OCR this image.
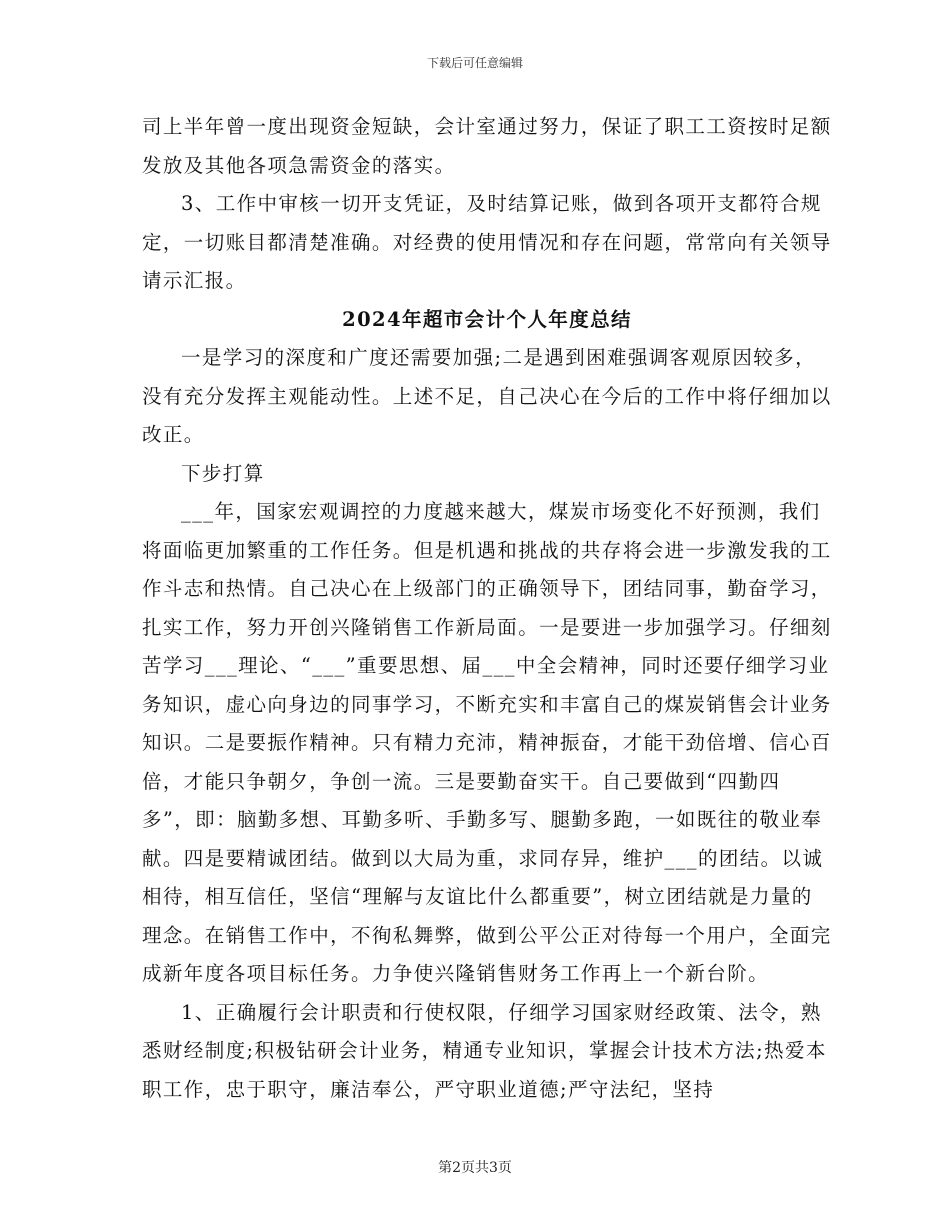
下载后可任意编辑

司上半年曾一度出现资金短缺，会计室通过努力，保证了职工工资按时足额发放及其他各项急需资金的落实。

3、工作中审核一切开支凭证，及时结算记账，做到各项开支都符合规定，一切账目都清楚准确。对经费的使用情况和存在问题，常常向有关领导请示汇报。

2024年超市会计个人年度总结

一是学习的深度和广度还需要加强;二是遇到困难强调客观原因较多，没有充分发挥主观能动性。上述不足，自己决心在今后的工作中将仔细加以改正。

下步打算

___年，国家宏观调控的力度越来越大，煤炭市场变化不好预测，我们将面临更加繁重的工作任务。但是机遇和挑战的共存将会进一步激发我的工作斗志和热情。自己决心在上级部门的正确领导下，团结同事，勤奋学习，扎实工作，努力开创兴隆销售工作新局面。一是要进一步加强学习。仔细刻苦学习___理论、“___”重要思想、届___中全会精神，同时还要仔细学习业务知识，虚心向身边的同事学习，不断充实和丰富自己的煤炭销售会计业务知识。二是要振作精神。只有精力充沛，精神振奋，才能干劲倍增、信心百倍，才能只争朝夕，争创一流。三是要勤奋实干。自己要做到“四勤四多”，即：脑勤多想、耳勤多听、手勤多写、腿勤多跑，一如既往的敬业奉献。四是要精诚团结。做到以大局为重，求同存异，维护___的团结。以诚相待，相互信任，坚信“理解与友谊比什么都重要”，树立团结就是力量的理念。在销售工作中，不徇私舞弊，做到公平公正对待每一个用户，全面完成新年度各项目标任务。力争使兴隆销售财务工作再上一个新台阶。

1、正确履行会计职责和行使权限，仔细学习国家财经政策、法令，熟悉财经制度;积极钻研会计业务，精通专业知识，掌握会计技术方法;热爱本职工作，忠于职守，廉洁奉公，严守职业道德;严守法纪，坚持

第2页共3页
